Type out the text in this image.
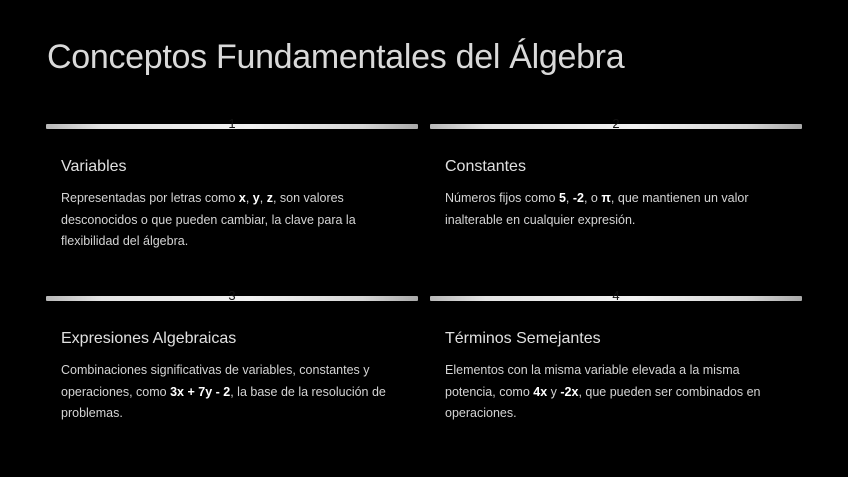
Conceptos Fundamentales del Álgebra
1
Variables

Representadas por letras como x, y, z, son valores desconocidos o que pueden cambiar, la clave para la flexibilidad del álgebra.

2
Constantes

Números fijos como 5, -2, o π, que mantienen un valor inalterable en cualquier expresión.

3
Expresiones Algebraicas

Combinaciones significativas de variables, constantes y operaciones, como 3x + 7y - 2, la base de la resolución de problemas.

4
Términos Semejantes

Elementos con la misma variable elevada a la misma potencia, como 4x y -2x, que pueden ser combinados en operaciones.
